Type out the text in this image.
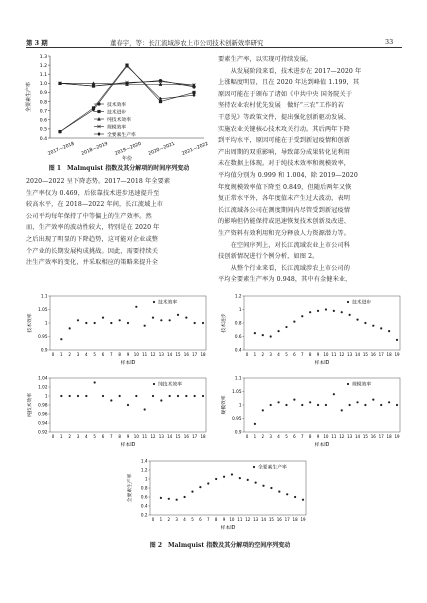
第 3 期	董春宇，等：长江流域涉农上市公司技术创新效率研究	33
0.4
0.5
0.6
0.7
0.8
0.9
1.0
1.1
1.2
1.3
2017—2018 2018—2019 2019—2020 2020—2021 2021—2022
年份
全要素生产率	技术效率
技术进步
纯技术效率
规模效率
全要素生产率
图 1　Malmquist 指数及其分解项的时间序列变动
2020—2022 呈下降态势。2017—2018 年全要素
生产率仅为 0.469，后依靠技术进步迅速提升至
较高水平，在 2018—2022 年间，长江流域上市
公司平均每年保持了中等偏上的生产效率。然
而，生产效率的波动性较大，特别是在 2020 年
之后出现了明显的下降趋势，这可能对企业或整
个产业的长期发展构成挑战。因此，需要持续关
注生产效率的变化，并采取相应的策略来提升全
要素生产率，以实现可持续发展。
　　从发展阶段来看，技术进步在 2017—2020 年
上涨幅度明显，且在 2020 年达到峰值 1.199，其
原因可能在于颁布了诸如《中共中央 国务院关于
坚持农业农村优先发展　做好“三农”工作的若
干意见》等政策文件，提出强化创新驱动发展、
实施农业关键核心技术攻关行动。其后两年下降
到平均水平，原因可能在于受到新冠疫情和创新
产出周期的双重影响，导致部分成果转化见利用
未在数据上体现。对于纯技术效率和规模效率，
平均值分别为 0.999 和 1.004，除 2019—2020
年度规模效率值下降至 0.849，但随后两年又恢
复正常水平外，各年度值未产生过大波动，表明
长江流域各公司在测度期间内尽管受到新冠疫情
的影响但仍能保持或迅速恢复技术创新及改进、
生产资料有效利用和充分释放人力资源潜力等。
　　在空间序列上，对长江流域农业上市公司科
技创新情况进行个例分析，如图 2。
　　从整个行业来看，长江流域涉农上市公司的
平均全要素生产率为 0.948，其中有金健米业、
0.9
0.95
1
1.05
1.1
0 1 2 3 4 5 6 7 8 9 10 11 12 13 14 15 16 17 18
样本ID
技术效率
技术效率
0.4
0.6
0.8
1
1.2
0 1 2 3 4 5 6 7 8 9 10 11 12 13 14 15 16 17 18 19
样本ID
技术进步
技术进步
0.92
0.94
0.96
0.98
1
1.02
1.04
0 1 2 3 4 5 6 7 8 9 10 11 12 13 14 15 16 17 18
样本ID
纯技术效率
纯技术效率
0.9
0.95
1
1.05
1.1
0 1 2 3 4 5 6 7 8 9 10 11 12 13 14 15 16 17 18 19
样本ID
规模效率
规模效率
0.2
0.4
0.6
0.8
1
1.2
1.4
0 1 2 3 4 5 6 7 8 9 10 11 12 13 14 15 16 17 18 19
样本ID
全要素生产率
全要素生产率
图 2　Malmquist 指数及其分解项的空间序列变动
